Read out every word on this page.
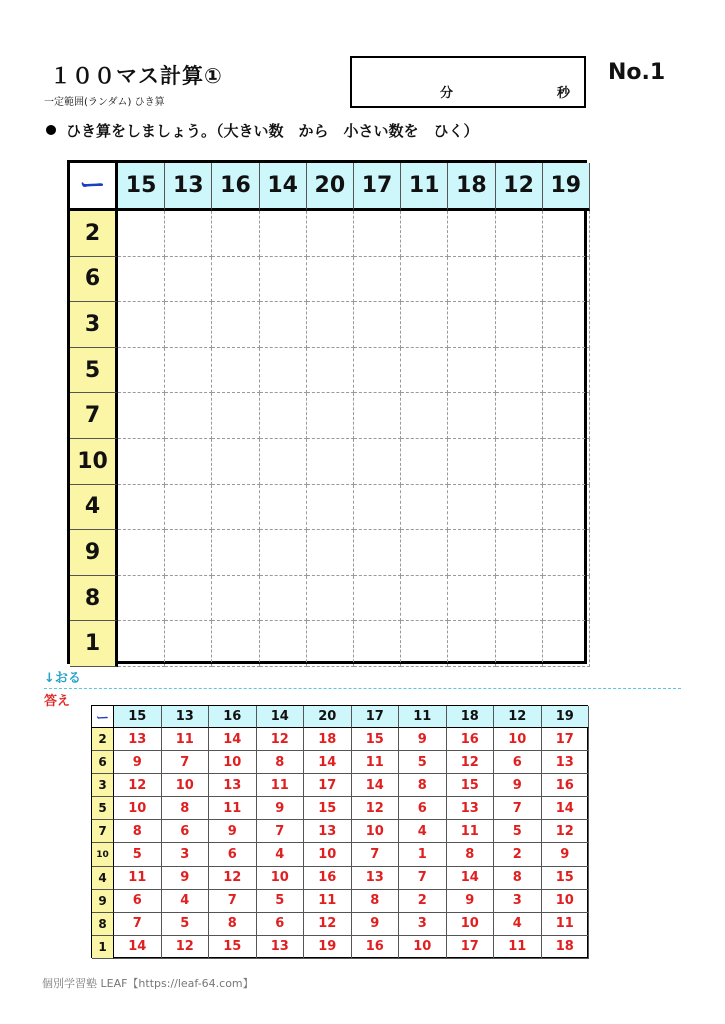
１００マス計算①
一定範囲(ランダム) ひき算
分	秒
No.1
ひき算をしましょう。（大きい数　から　小さい数を　ひく）
ー 15 13 16 14 20 17 11 18 12 19
2
6
3
5
7
10
4
9
8
1
↓おる
答え
ー	15	13	16	14	20	17	11	18	12	19
2	13	11	14	12	18	15	9	16	10	17
6	9	7	10	8	14	11	5	12	6	13
3	12	10	13	11	17	14	8	15	9	16
5	10	8	11	9	15	12	6	13	7	14
7	8	6	9	7	13	10	4	11	5	12
10	5	3	6	4	10	7	1	8	2	9
4	11	9	12	10	16	13	7	14	8	15
9	6	4	7	5	11	8	2	9	3	10
8	7	5	8	6	12	9	3	10	4	11
1	14	12	15	13	19	16	10	17	11	18
個別学習塾 LEAF【https://leaf-64.com】
